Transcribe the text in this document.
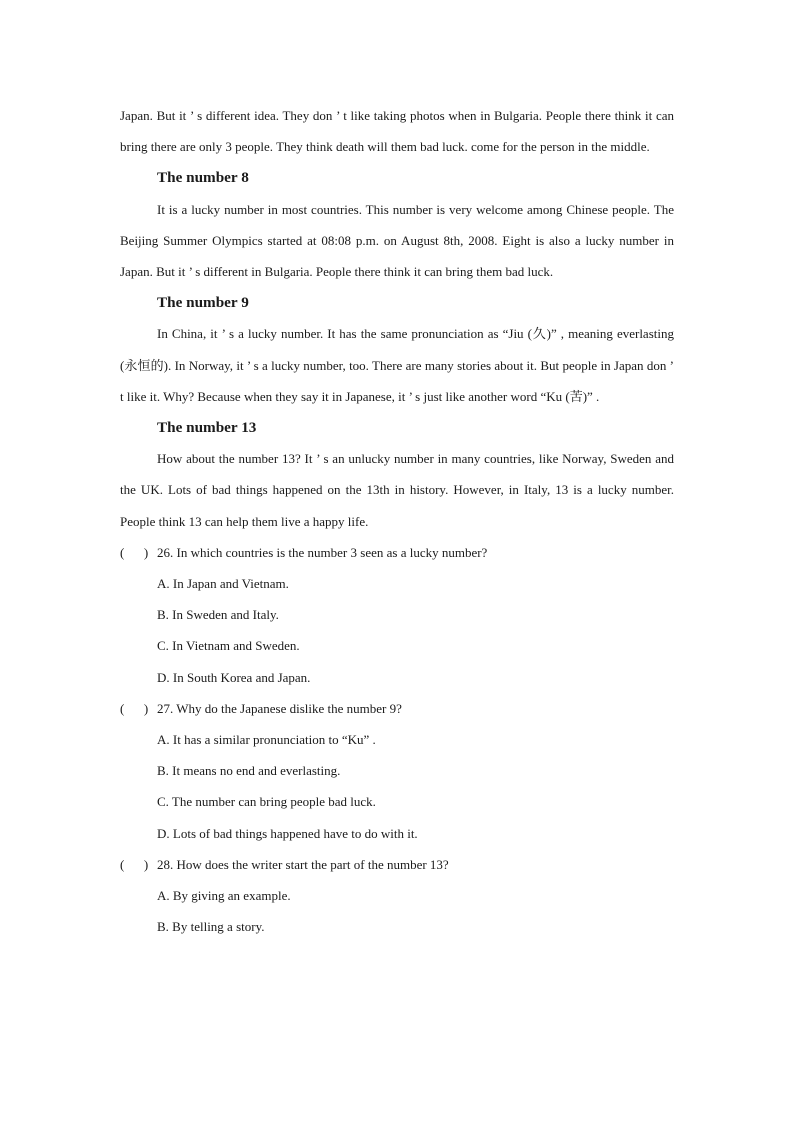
Japan. But it ’ s different idea. They don ’ t like taking photos when in Bulgaria. People there think it can bring there are only 3 people. They think death will them bad luck. come for the person in the middle.

The number 8

It is a lucky number in most countries. This number is very welcome among Chinese people. The Beijing Summer Olympics started at 08:08 p.m. on August 8th, 2008. Eight is also a lucky number in Japan. But it ’ s different in Bulgaria. People there think it can bring them bad luck.

The number 9

In China, it ’ s a lucky number. It has the same pronunciation as “Jiu (久)” , meaning everlasting (永恒的). In Norway, it ’ s a lucky number, too. There are many stories about it. But people in Japan don ’ t like it. Why? Because when they say it in Japanese, it ’ s just like another word “Ku (苦)” .

The number 13

How about the number 13? It ’ s an unlucky number in many countries, like Norway, Sweden and the UK. Lots of bad things happened on the 13th in history. However, in Italy, 13 is a lucky number. People think 13 can help them live a happy life.

(      ) 26. In which countries is the number 3 seen as a lucky number?

A. In Japan and Vietnam.

B. In Sweden and Italy.

C. In Vietnam and Sweden.

D. In South Korea and Japan.

(      ) 27. Why do the Japanese dislike the number 9?

A. It has a similar pronunciation to “Ku” .

B. It means no end and everlasting.

C. The number can bring people bad luck.

D. Lots of bad things happened have to do with it.

(      ) 28. How does the writer start the part of the number 13?

A. By giving an example.

B. By telling a story.
